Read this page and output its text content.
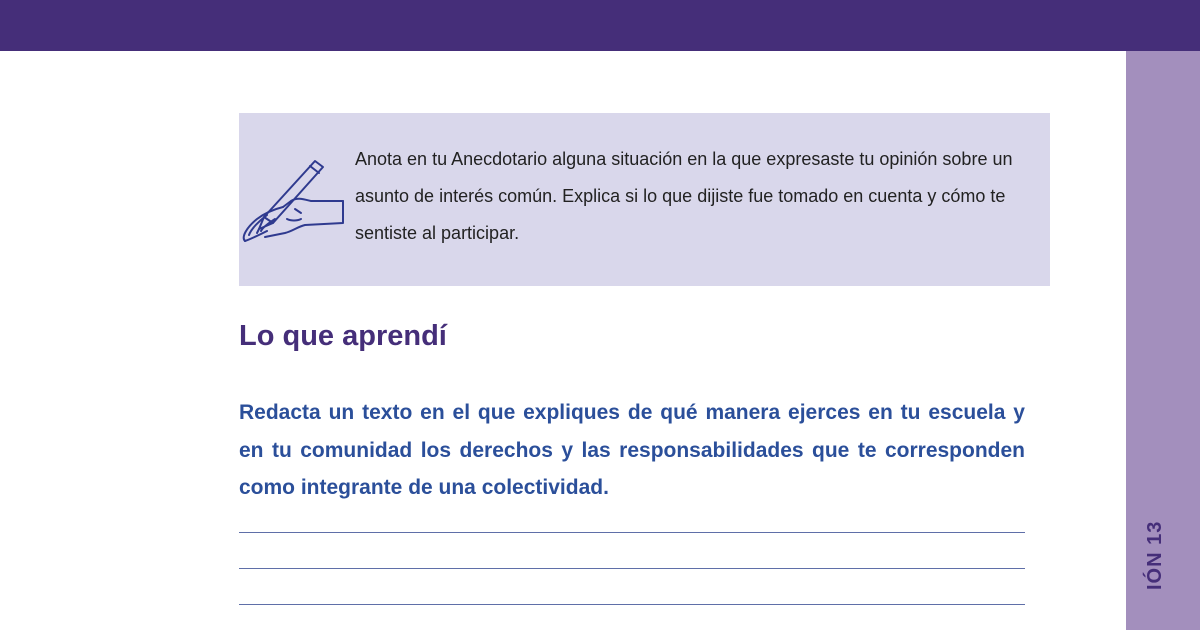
IÓN 13
Anota en tu Anecdotario alguna situación en la que expresaste tu opinión sobre un asunto de interés común. Explica si lo que dijiste fue tomado en cuenta y cómo te sentiste al participar.
Lo que aprendí

Redacta un texto en el que expliques de qué manera ejerces en tu escuela y en tu comunidad los derechos y las responsabilidades que te corresponden como integrante de una colectividad.
